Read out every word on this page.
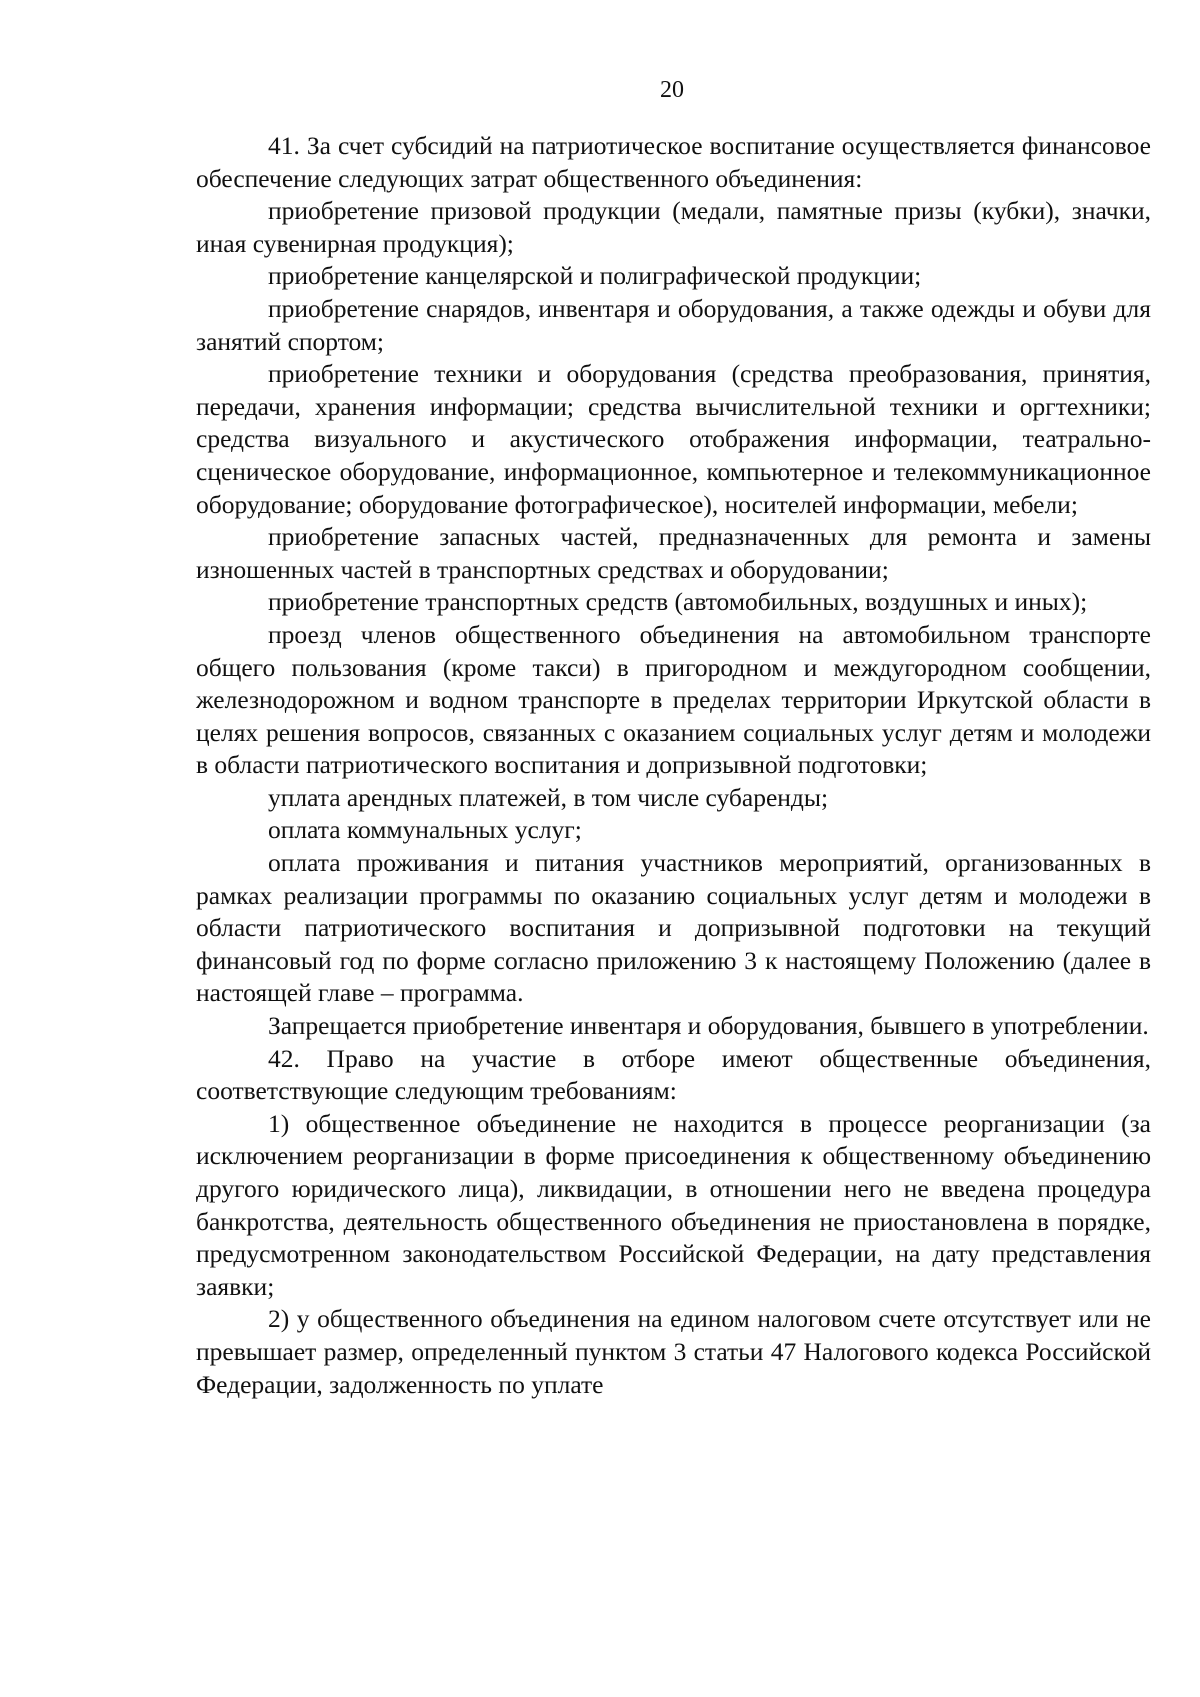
20

41. За счет субсидий на патриотическое воспитание осуществляется финансовое обеспечение следующих затрат общественного объединения:

приобретение призовой продукции (медали, памятные призы (кубки), значки, иная сувенирная продукция);

приобретение канцелярской и полиграфической продукции;

приобретение снарядов, инвентаря и оборудования, а также одежды и обуви для занятий спортом;

приобретение техники и оборудования (средства преобразования, принятия, передачи, хранения информации; средства вычислительной техники и оргтехники; средства визуального и акустического отображения информации, театрально-сценическое оборудование, информационное, компьютерное и телекоммуникационное оборудование; оборудование фотографическое), носителей информации, мебели;

приобретение запасных частей, предназначенных для ремонта и замены изношенных частей в транспортных средствах и оборудовании;

приобретение транспортных средств (автомобильных, воздушных и иных);

проезд членов общественного объединения на автомобильном транспорте общего пользования (кроме такси) в пригородном и междугородном сообщении, железнодорожном и водном транспорте в пределах территории Иркутской области в целях решения вопросов, связанных с оказанием социальных услуг детям и молодежи в области патриотического воспитания и допризывной подготовки;

уплата арендных платежей, в том числе субаренды;

оплата коммунальных услуг;

оплата проживания и питания участников мероприятий, организованных в рамках реализации программы по оказанию социальных услуг детям и молодежи в области патриотического воспитания и допризывной подготовки на текущий финансовый год по форме согласно приложению 3 к настоящему Положению (далее в настоящей главе – программа.

Запрещается приобретение инвентаря и оборудования, бывшего в употреблении.

42. Право на участие в отборе имеют общественные объединения, соответствующие следующим требованиям:

1) общественное объединение не находится в процессе реорганизации (за исключением реорганизации в форме присоединения к общественному объединению другого юридического лица), ликвидации, в отношении него не введена процедура банкротства, деятельность общественного объединения не приостановлена в порядке, предусмотренном законодательством Российской Федерации, на дату представления заявки;

2) у общественного объединения на едином налоговом счете отсутствует или не превышает размер, определенный пунктом 3 статьи 47 Налогового кодекса Российской Федерации, задолженность по уплате
